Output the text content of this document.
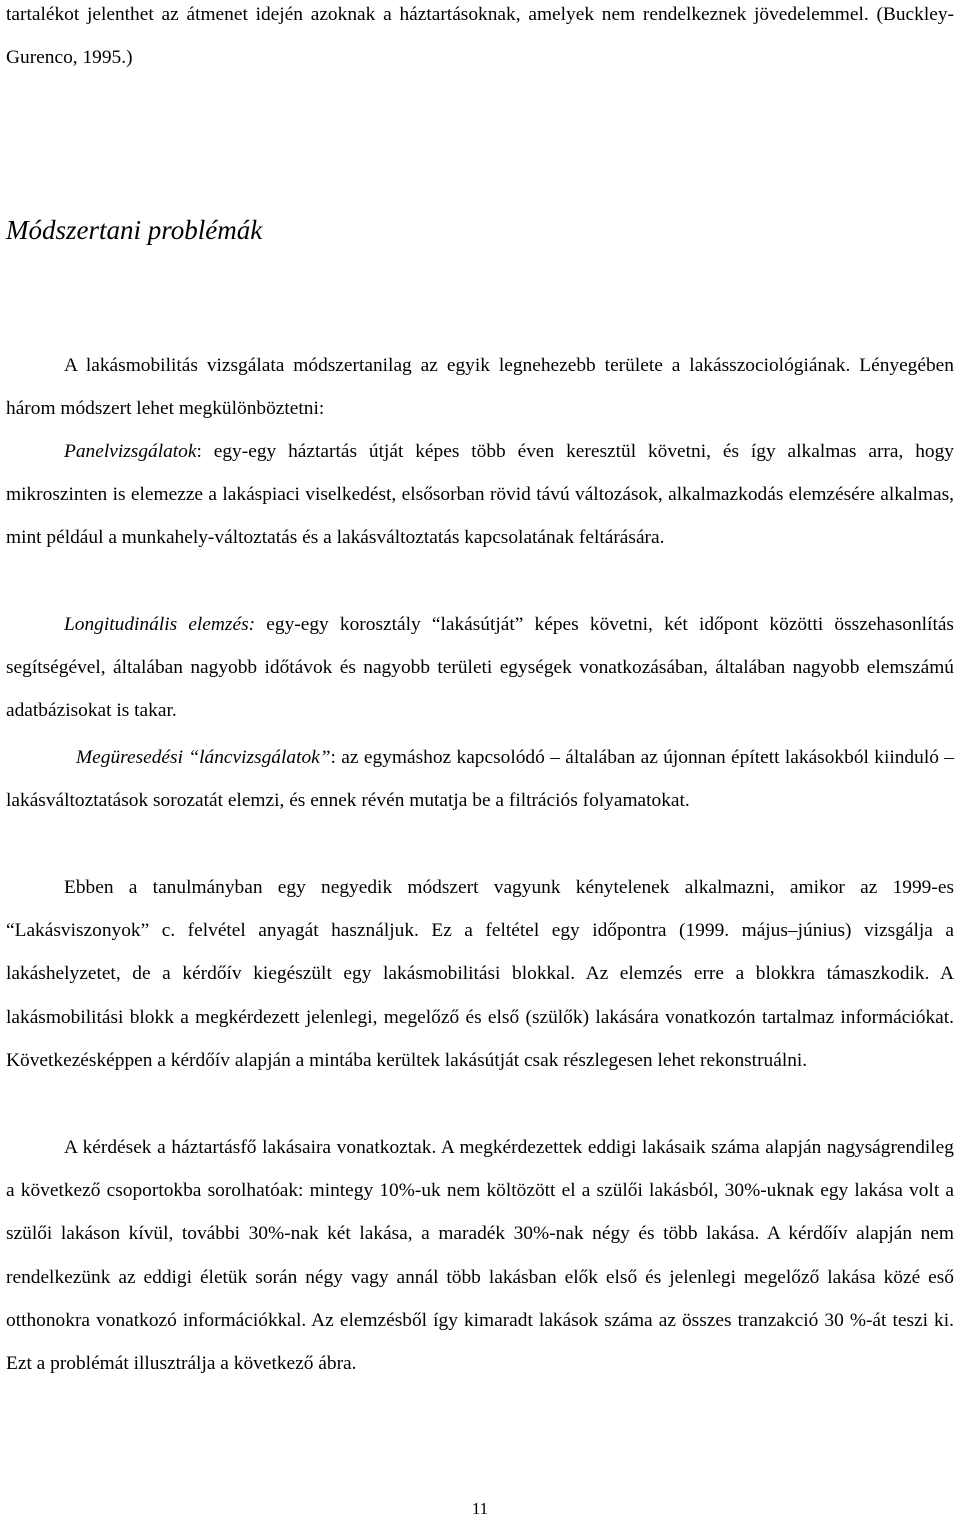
tartalékot jelenthet az átmenet idején azoknak a háztartásoknak, amelyek nem rendelkeznek jövedelemmel. (Buckley-Gurenco, 1995.)

Módszertani problémák

A lakásmobilitás vizsgálata módszertanilag az egyik legnehezebb területe a lakásszociológiának. Lényegében három módszert lehet megkülönböztetni:

Panelvizsgálatok: egy-egy háztartás útját képes több éven keresztül követni, és így alkalmas arra, hogy mikroszinten is elemezze a lakáspiaci viselkedést, elsősorban rövid távú változások, alkalmazkodás elemzésére alkalmas, mint például a munkahely-változtatás és a lakásváltoztatás kapcsolatának feltárására.

Longitudinális elemzés: egy-egy korosztály “lakásútját” képes követni, két időpont közötti összehasonlítás segítségével, általában nagyobb időtávok és nagyobb területi egységek vonatkozásában, általában nagyobb elemszámú adatbázisokat is takar.

Megüresedési “láncvizsgálatok”: az egymáshoz kapcsolódó – általában az újonnan épített lakásokból kiinduló – lakásváltoztatások sorozatát elemzi, és ennek révén mutatja be a filtrációs folyamatokat.

Ebben a tanulmányban egy negyedik módszert vagyunk kénytelenek alkalmazni, amikor az 1999-es “Lakásviszonyok” c. felvétel anyagát használjuk. Ez a feltétel egy időpontra (1999. május–június) vizsgálja a lakáshelyzetet, de a kérdőív kiegészült egy lakásmobilitási blokkal. Az elemzés erre a blokkra támaszkodik. A lakásmobilitási blokk a megkérdezett jelenlegi, megelőző és első (szülők) lakására vonatkozón tartalmaz információkat. Következésképpen a kérdőív alapján a mintába kerültek lakásútját csak részlegesen lehet rekonstruálni.

A kérdések a háztartásfő lakásaira vonatkoztak. A megkérdezettek eddigi lakásaik száma alapján nagyságrendileg a következő csoportokba sorolhatóak: mintegy 10%-uk nem költözött el a szülői lakásból, 30%-uknak egy lakása volt a szülői lakáson kívül, további 30%-nak két lakása, a maradék 30%-nak négy és több lakása. A kérdőív alapján nem rendelkezünk az eddigi életük során négy vagy annál több lakásban elők első és jelenlegi megelőző lakása közé eső otthonokra vonatkozó információkkal. Az elemzésből így kimaradt lakások száma az összes tranzakció 30 %-át teszi ki. Ezt a problémát illusztrálja a következő ábra.

11
